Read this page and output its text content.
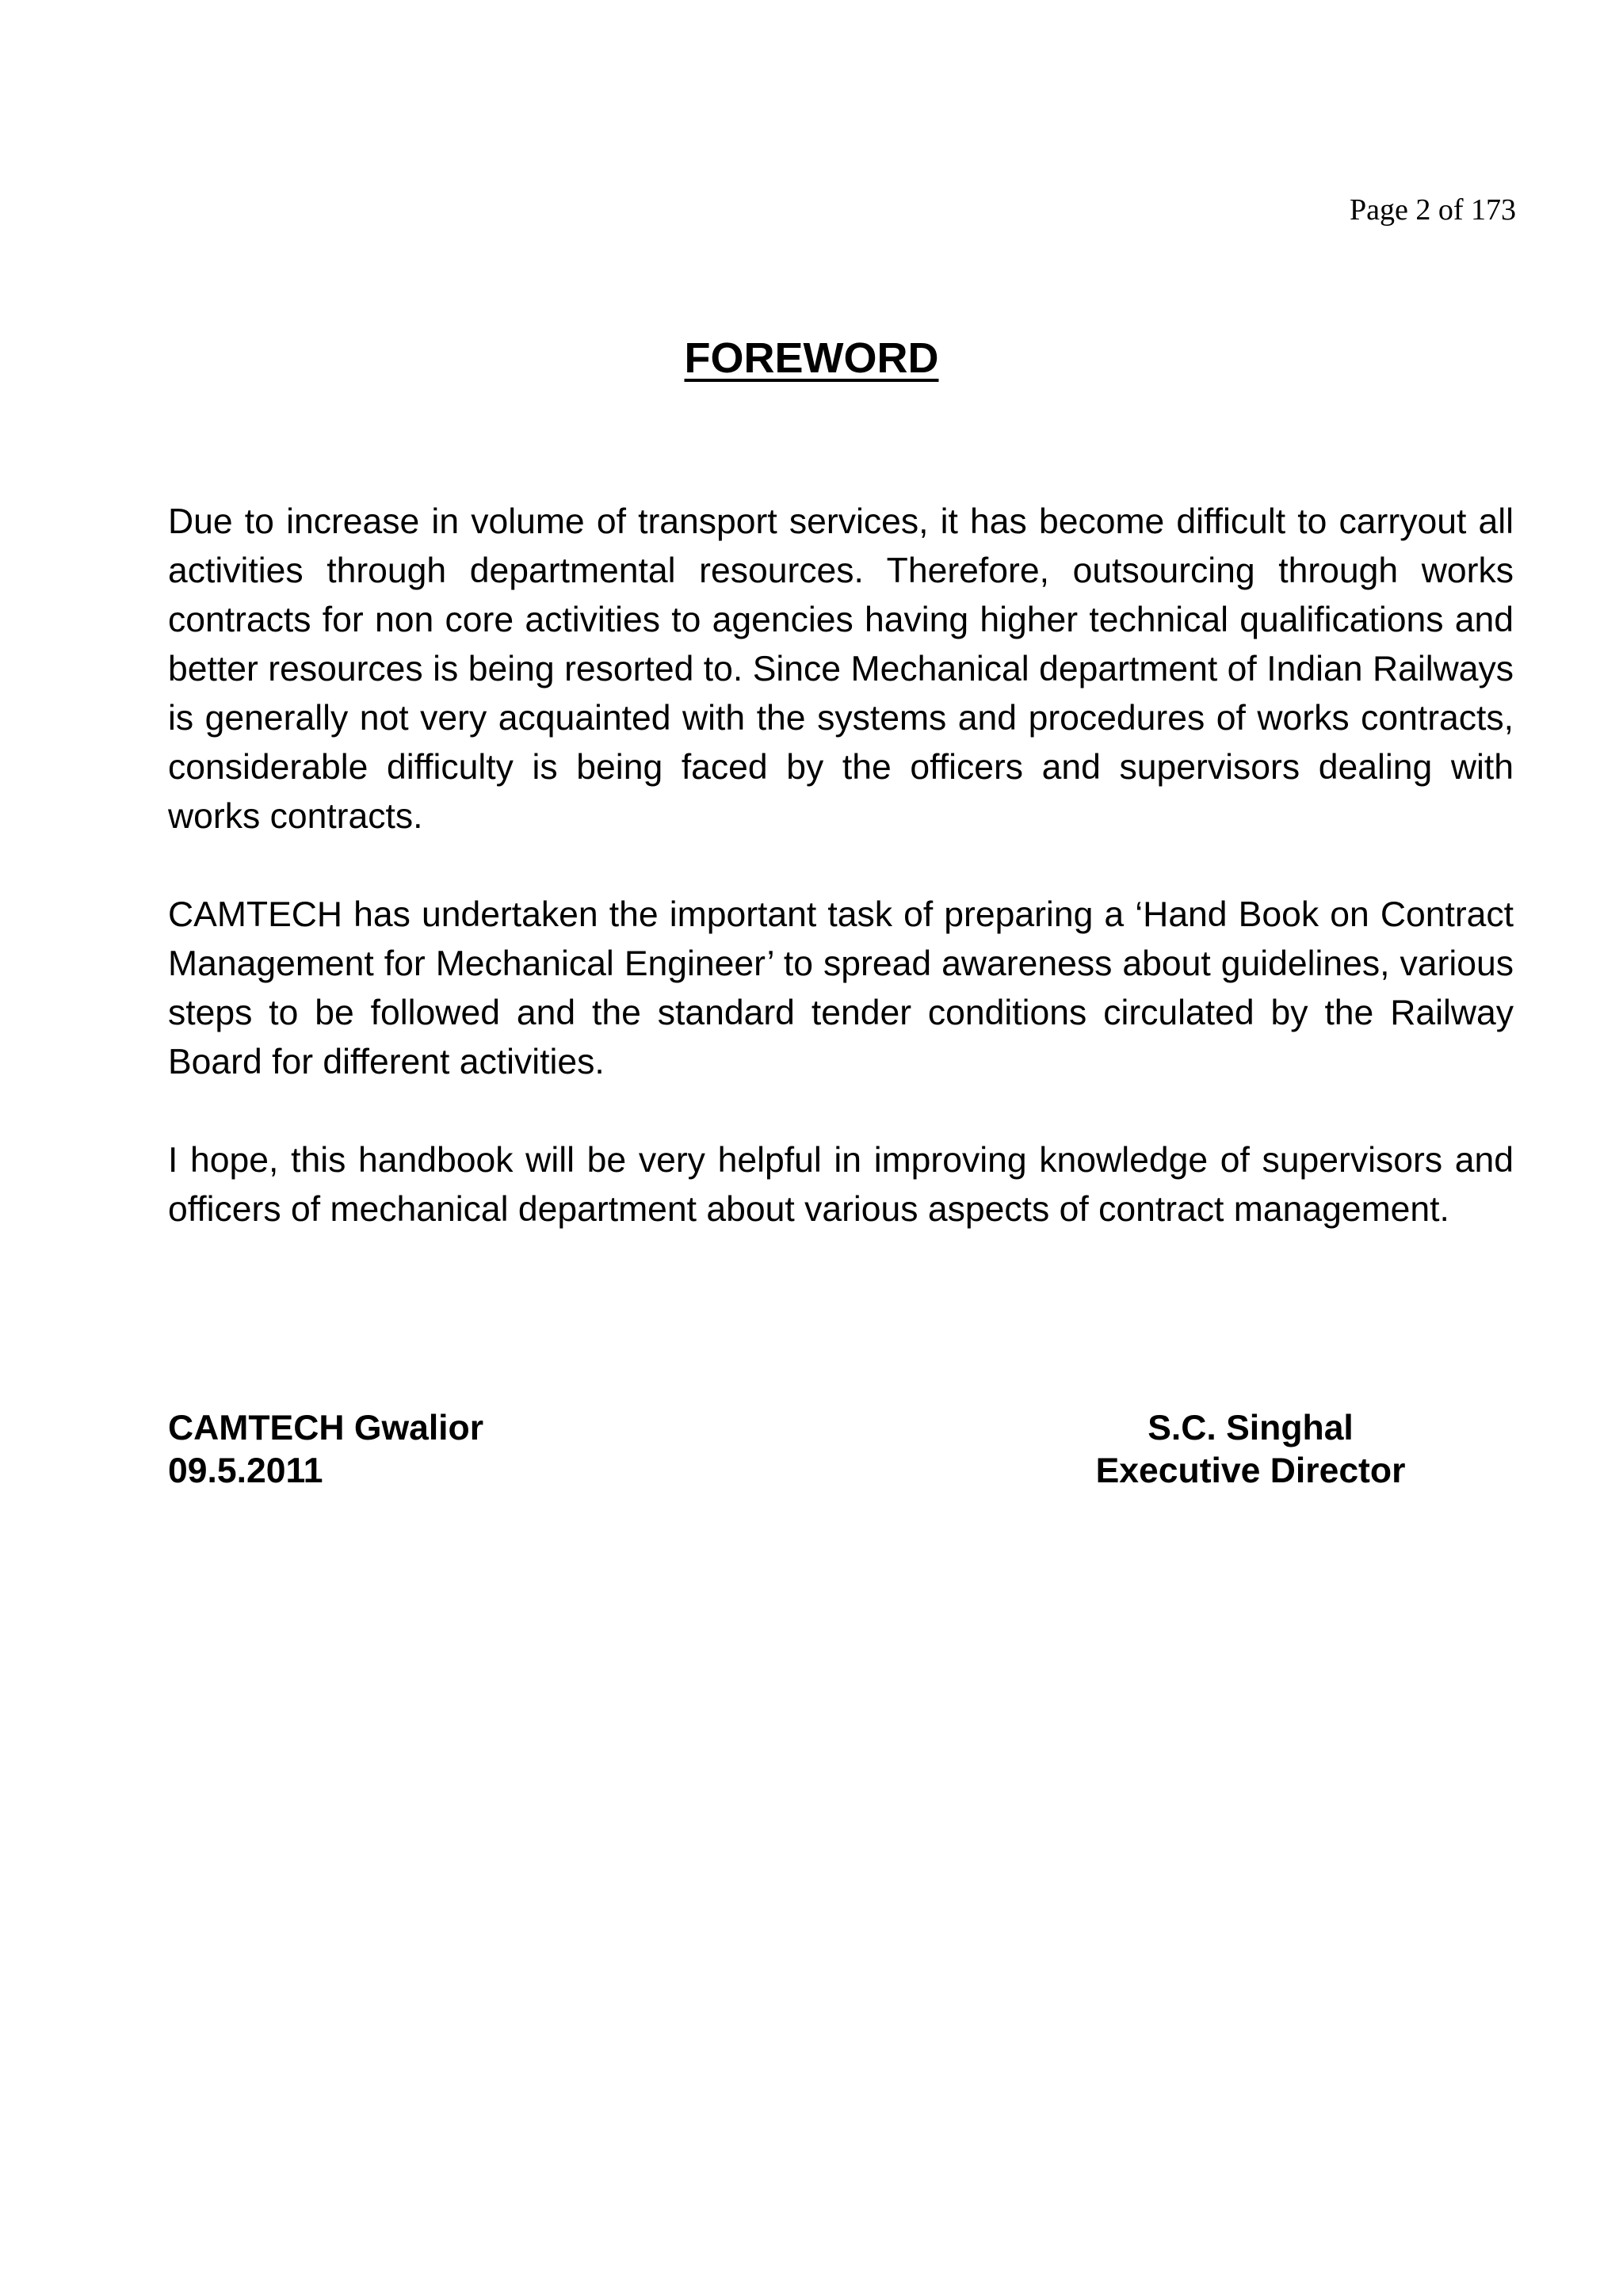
Page 2 of 173
FOREWORD

Due to increase in volume of transport services, it has become difficult to carryout all activities through departmental resources. Therefore, outsourcing through works contracts for non core activities to agencies having higher technical qualifications and better resources is being resorted to. Since Mechanical department of Indian Railways is generally not very acquainted with the systems and procedures of works contracts, considerable difficulty is being faced by the officers and supervisors dealing with works contracts.

CAMTECH has undertaken the important task of preparing a ‘Hand Book on Contract Management for Mechanical Engineer’ to spread awareness about guidelines, various steps to be followed and the standard tender conditions circulated by the Railway Board for different activities.

I hope, this handbook will be very helpful in improving knowledge of supervisors and officers of mechanical department about various aspects of contract management.

CAMTECH Gwalior
09.5.2011
S.C. Singhal
Executive Director
